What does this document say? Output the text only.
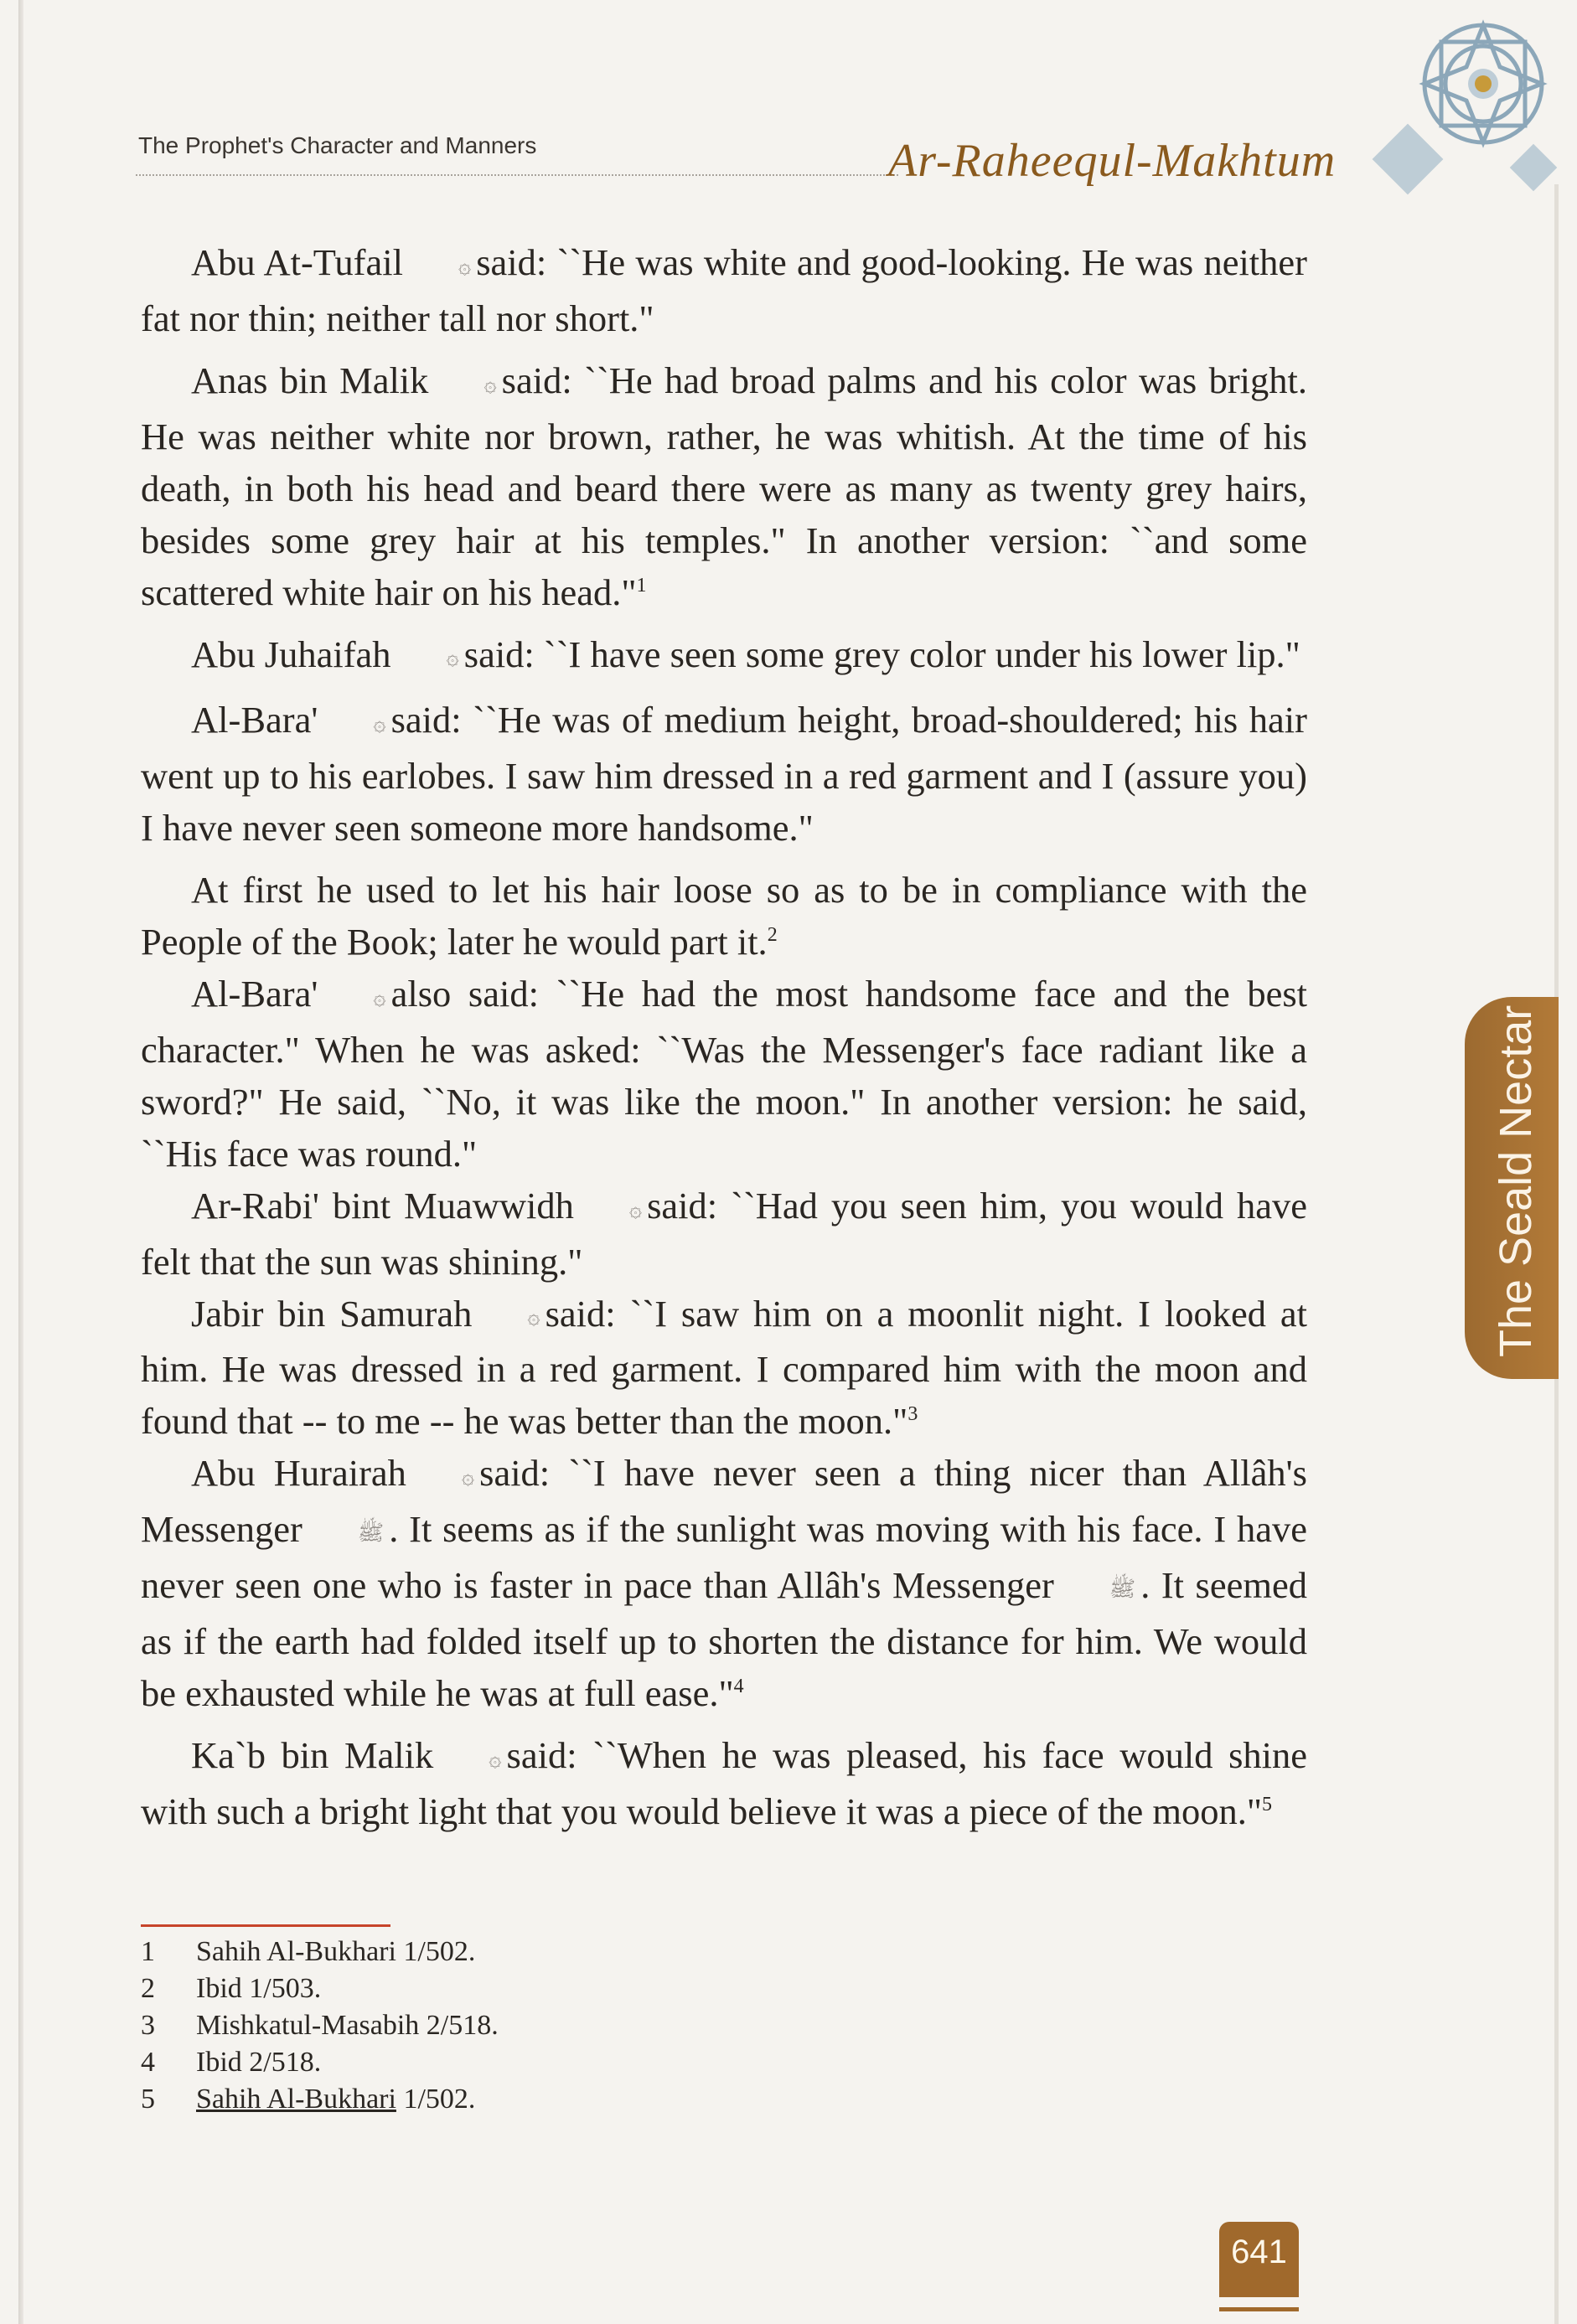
The Prophet's Character and Manners	Ar-Raheequl-Makhtum

Abu At-Tufail	۞ said: ``He was white and good-looking. He was neither fat nor thin; neither tall nor short."

Anas bin Malik	۞ said: ``He had broad palms and his color was bright. He was neither white nor brown, rather, he was whitish. At the time of his death, in both his head and beard there were as many as twenty grey hairs, besides some grey hair at his temples." In another version: ``and some scattered white hair on his head."$^1$

Abu Juhaifah	۞ said: ``I have seen some grey color under his lower lip."

Al-Bara'	۞ said: ``He was of medium height, broad-shouldered; his hair went up to his earlobes. I saw him dressed in a red garment and I (assure you) I have never seen someone more handsome."

At first he used to let his hair loose so as to be in compliance with the People of the Book; later he would part it.$^2$

Al-Bara'	۞ also said: ``He had the most handsome face and the best character." When he was asked: ``Was the Messenger's face radiant like a sword?" He said, ``No, it was like the moon." In another version: he said, ``His face was round."

Ar-Rabi' bint Muawwidh	۞ said: ``Had you seen him, you would have felt that the sun was shining."

Jabir bin Samurah	۞ said: ``I saw him on a moonlit night. I looked at him. He was dressed in a red garment. I compared him with the moon and found that -- to me -- he was better than the moon."$^3$

Abu Hurairah	۞ said: ``I have never seen a thing nicer than Allâh's Messenger	ﷺ . It seems as if the sunlight was moving with his face. I have never seen one who is faster in pace than Allâh's Messenger	ﷺ . It seemed as if the earth had folded itself up to shorten the distance for him. We would be exhausted while he was at full ease."$^4$

Ka`b bin Malik	۞ said: ``When he was pleased, his face would shine with such a bright light that you would believe it was a piece of the moon."$^5$

1	Sahih Al-Bukhari 1/502.
2	Ibid 1/503.
3	Mishkatul-Masabih 2/518.
4	Ibid 2/518.
5	Sahih Al-Bukhari 1/502.
The Seald Nectar
641
